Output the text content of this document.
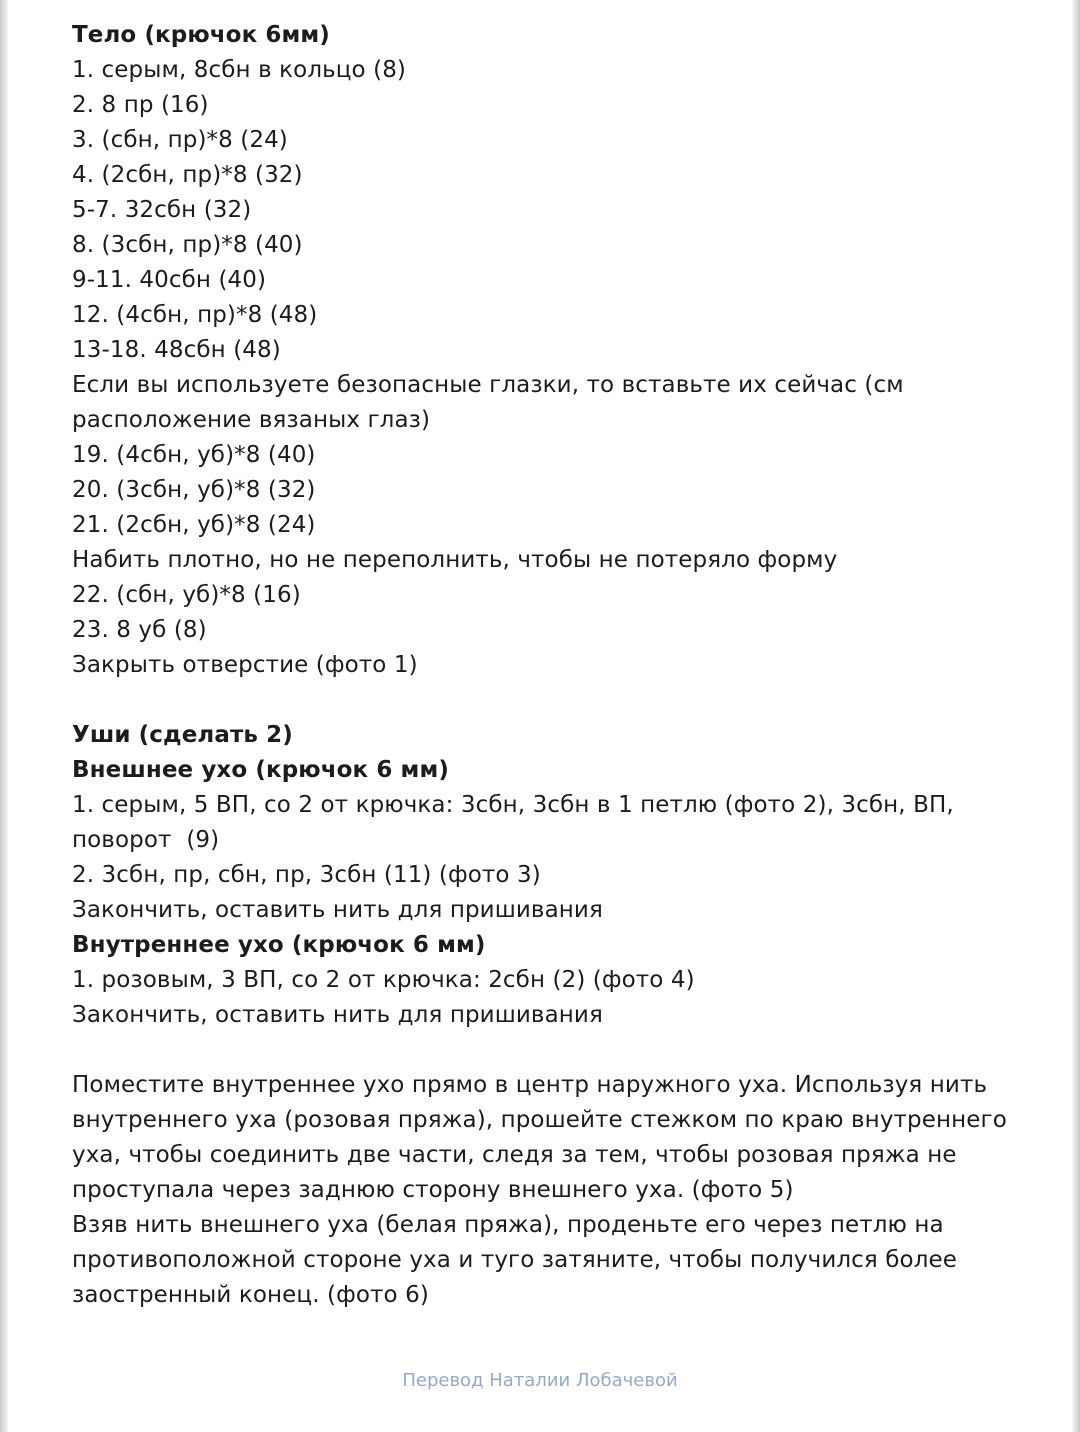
Тело (крючок 6мм)
1. серым, 8сбн в кольцо (8)
2. 8 пр (16)
3. (сбн, пр)*8 (24)
4. (2сбн, пр)*8 (32)
5-7. 32сбн (32)
8. (3сбн, пр)*8 (40)
9-11. 40сбн (40)
12. (4сбн, пр)*8 (48)
13-18. 48сбн (48)
Если вы используете безопасные глазки, то вставьте их сейчас (см
расположение вязаных глаз)
19. (4сбн, уб)*8 (40)
20. (3сбн, уб)*8 (32)
21. (2сбн, уб)*8 (24)
Набить плотно, но не переполнить, чтобы не потеряло форму
22. (сбн, уб)*8 (16)
23. 8 уб (8)
Закрыть отверстие (фото 1)
Уши (сделать 2)
Внешнее ухо (крючок 6 мм)
1. серым, 5 ВП, со 2 от крючка: 3сбн, 3сбн в 1 петлю (фото 2), 3сбн, ВП,
поворот  (9)
2. 3сбн, пр, сбн, пр, 3сбн (11) (фото 3)
Закончить, оставить нить для пришивания
Внутреннее ухо (крючок 6 мм)
1. розовым, 3 ВП, со 2 от крючка: 2сбн (2) (фото 4)
Закончить, оставить нить для пришивания
Поместите внутреннее ухо прямо в центр наружного уха. Используя нить
внутреннего уха (розовая пряжа), прошейте стежком по краю внутреннего
уха, чтобы соединить две части, следя за тем, чтобы розовая пряжа не
проступала через заднюю сторону внешнего уха. (фото 5)
Взяв нить внешнего уха (белая пряжа), проденьте его через петлю на
противоположной стороне уха и туго затяните, чтобы получился более
заостренный конец. (фото 6)
Перевод Наталии Лобачевой
